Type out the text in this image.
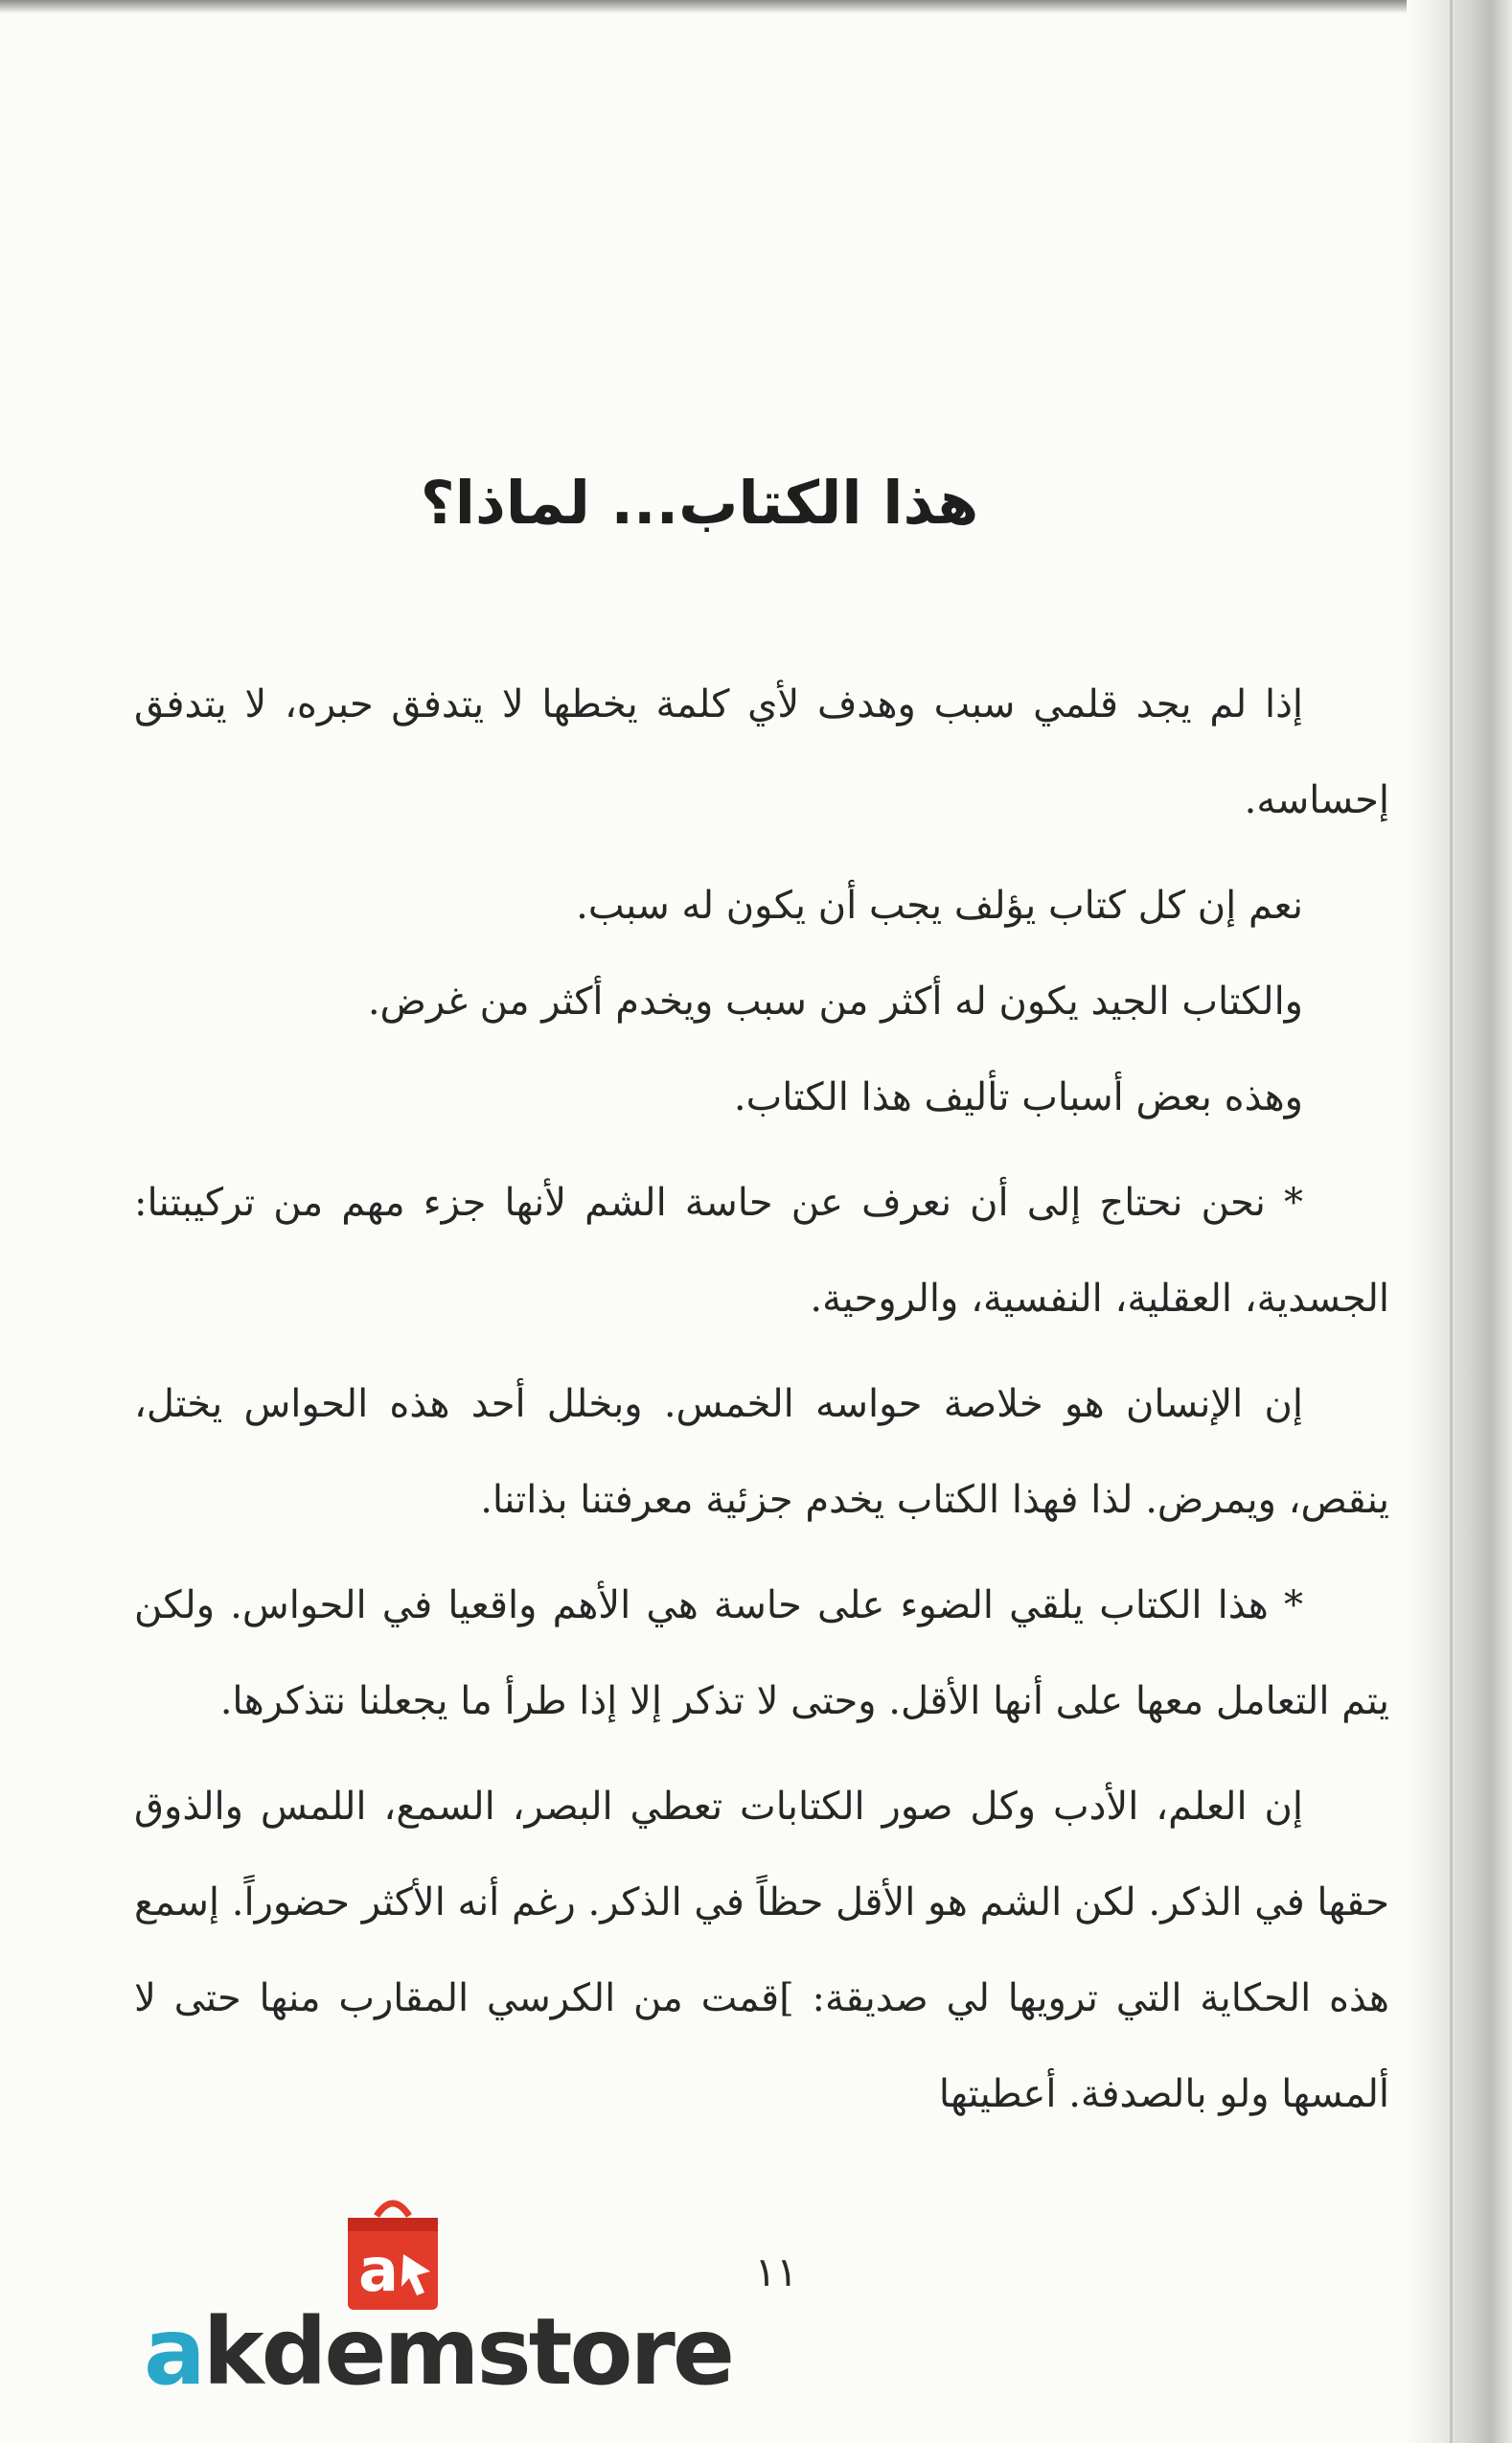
هذا الكتاب... لماذا؟

إذا لم يجد قلمي سبب وهدف لأي كلمة يخطها لا يتدفق حبره، لا يتدفق إحساسه.

نعم إن كل كتاب يؤلف يجب أن يكون له سبب.

والكتاب الجيد يكون له أكثر من سبب ويخدم أكثر من غرض.

وهذه بعض أسباب تأليف هذا الكتاب.

* نحن نحتاج إلى أن نعرف عن حاسة الشم لأنها جزء مهم من تركيبتنا: الجسدية، العقلية، النفسية، والروحية.

إن الإنسان هو خلاصة حواسه الخمس. وبخلل أحد هذه الحواس يختل، ينقص، ويمرض. لذا فهذا الكتاب يخدم جزئية معرفتنا بذاتنا.

* هذا الكتاب يلقي الضوء على حاسة هي الأهم واقعيا في الحواس. ولكن يتم التعامل معها على أنها الأقل. وحتى لا تذكر إلا إذا طرأ ما يجعلنا نتذكرها.

إن العلم، الأدب وكل صور الكتابات تعطي البصر، السمع، اللمس والذوق حقها في الذكر. لكن الشم هو الأقل حظاً في الذكر. رغم أنه الأكثر حضوراً. إسمع هذه الحكاية التي ترويها لي صديقة: ]قمت من الكرسي المقارب منها حتى لا ألمسها ولو بالصدفة. أعطيتها

١١
a
akdemstore
